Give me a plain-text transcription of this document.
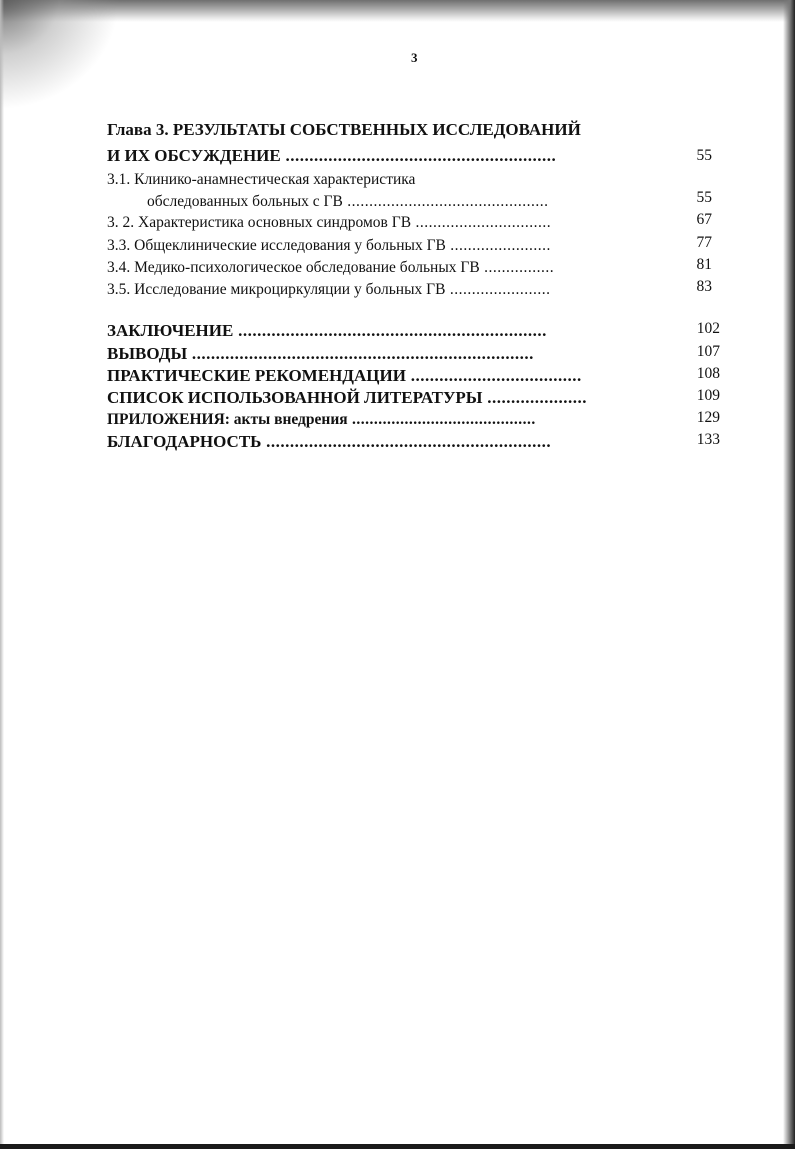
3
Глава 3. РЕЗУЛЬТАТЫ СОБСТВЕННЫХ ИССЛЕДОВАНИЙ
И ИХ ОБСУЖДЕНИЕ .........................................................	55
3.1. Клинико-анамнестическая характеристика
обследованных больных с ГВ ..............................................	55
3. 2. Характеристика основных синдромов ГВ ...............................	67
3.3. Общеклинические исследования у больных ГВ .......................	77
3.4. Медико-психологическое обследование больных ГВ ................	81
3.5. Исследование микроциркуляции у больных ГВ .......................	83
ЗАКЛЮЧЕНИЕ .................................................................	102
ВЫВОДЫ ........................................................................	107
ПРАКТИЧЕСКИЕ РЕКОМЕНДАЦИИ ....................................	108
СПИСОК ИСПОЛЬЗОВАННОЙ ЛИТЕРАТУРЫ .....................	109
ПРИЛОЖЕНИЯ: акты внедрения ..........................................	129
БЛАГОДАРНОСТЬ ............................................................	133
